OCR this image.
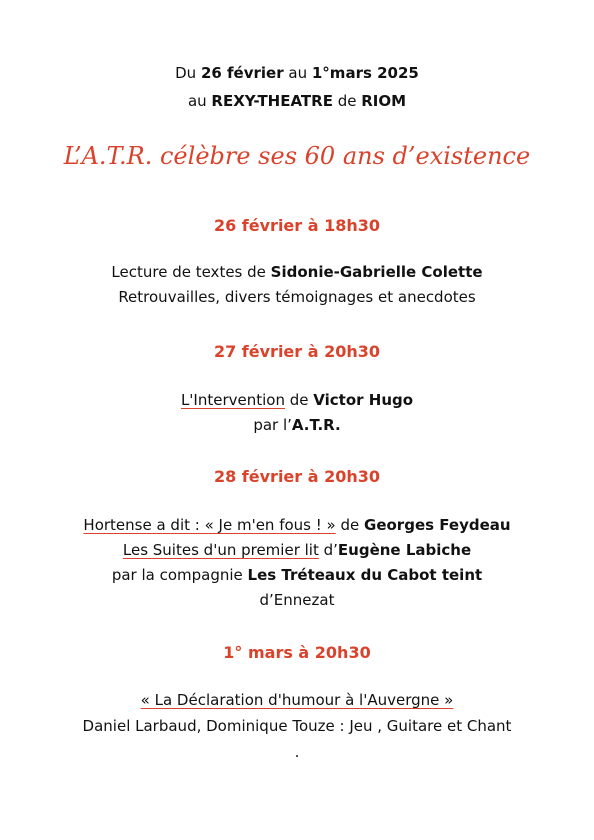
Du 26 février au 1°mars 2025
au REXY-THEATRE de RIOM
L’A.T.R. célèbre ses 60 ans d’existence
26 février à 18h30
Lecture de textes de Sidonie-Gabrielle Colette
Retrouvailles, divers témoignages et anecdotes
27 février à 20h30
L'Intervention de Victor Hugo
par l’A.T.R.
28 février à 20h30
Hortense a dit : « Je m'en fous ! » de Georges Feydeau
Les Suites d'un premier lit d’Eugène Labiche
par la compagnie Les Tréteaux du Cabot teint
d’Ennezat
1° mars à 20h30
« La Déclaration d'humour à l'Auvergne »
Daniel Larbaud, Dominique Touze : Jeu , Guitare et Chant
.
